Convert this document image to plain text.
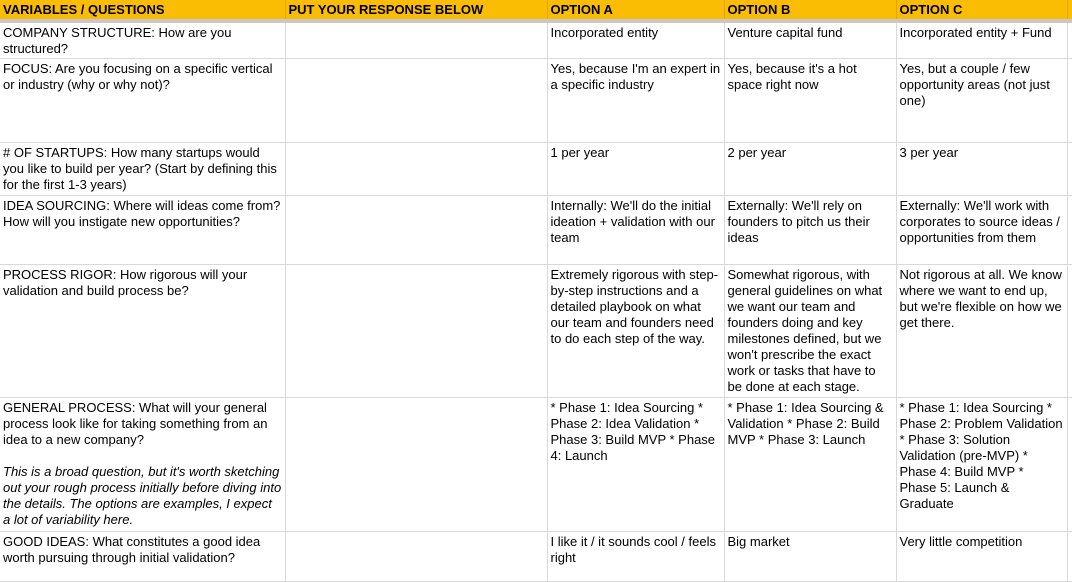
VARIABLES / QUESTIONS	PUT YOUR RESPONSE BELOW	OPTION A	OPTION B	OPTION C	
COMPANY STRUCTURE: How are you structured?		Incorporated entity	Venture capital fund	Incorporated entity + Fund	
FOCUS: Are you focusing on a specific vertical or industry (why or why not)?		Yes, because I'm an expert in a specific industry	Yes, because it's a hot space right now	Yes, but a couple / few opportunity areas (not just one)	
# OF STARTUPS: How many startups would you like to build per year? (Start by defining this for the first 1-3 years)		1 per year	2 per year	3 per year	
IDEA SOURCING: Where will ideas come from? How will you instigate new opportunities?		Internally: We'll do the initial ideation + validation with our team	Externally: We'll rely on founders to pitch us their ideas	Externally: We'll work with corporates to source ideas / opportunities from them	
PROCESS RIGOR: How rigorous will your validation and build process be?		Extremely rigorous with step-by-step instructions and a detailed playbook on what our team and founders need to do each step of the way.	Somewhat rigorous, with general guidelines on what we want our team and founders doing and key milestones defined, but we won't prescribe the exact work or tasks that have to be done at each stage.	Not rigorous at all. We know where we want to end up, but we're flexible on how we get there.	
GENERAL PROCESS: What will your general process look like for taking something from an idea to a new company?
This is a broad question, but it's worth sketching out your rough process initially before diving into the details. The options are examples, I expect a lot of variability here.		* Phase 1: Idea Sourcing * Phase 2: Idea Validation * Phase 3: Build MVP * Phase 4: Launch	* Phase 1: Idea Sourcing & Validation * Phase 2: Build MVP * Phase 3: Launch	* Phase 1: Idea Sourcing * Phase 2: Problem Validation * Phase 3: Solution Validation (pre-MVP) * Phase 4: Build MVP * Phase 5: Launch & Graduate	
GOOD IDEAS: What constitutes a good idea worth pursuing through initial validation?		I like it / it sounds cool / feels right	Big market	Very little competition	
